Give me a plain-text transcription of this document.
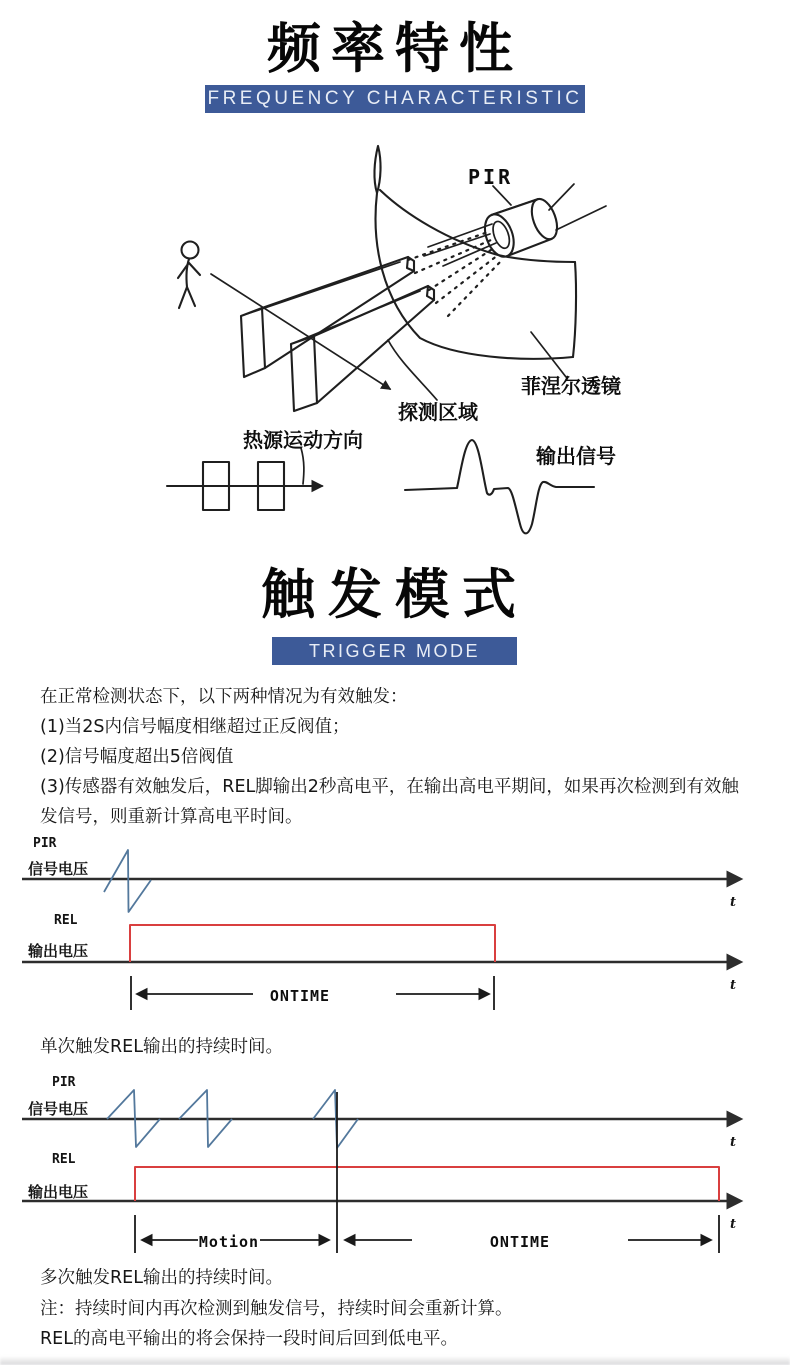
频率特性
FREQUENCY CHARACTERISTIC
PIR
菲涅尔透镜
探测区域
热源运动方向
输出信号
触发模式
TRIGGER MODE

在正常检测状态下，以下两种情况为有效触发：

(1)当2S内信号幅度相继超过正反阀值；

(2)信号幅度超出5倍阀值

(3)传感器有效触发后，REL脚输出2秒高电平，在输出高电平期间，如果再次检测到有效触发信号，则重新计算高电平时间。

PIR
信号电压
t
REL
输出电压
t
ONTIME
单次触发REL输出的持续时间。
PIR
信号电压
t
REL
输出电压
t
Motion	ONTIME
多次触发REL输出的持续时间。

注：持续时间内再次检测到触发信号，持续时间会重新计算。

REL的高电平输出的将会保持一段时间后回到低电平。
